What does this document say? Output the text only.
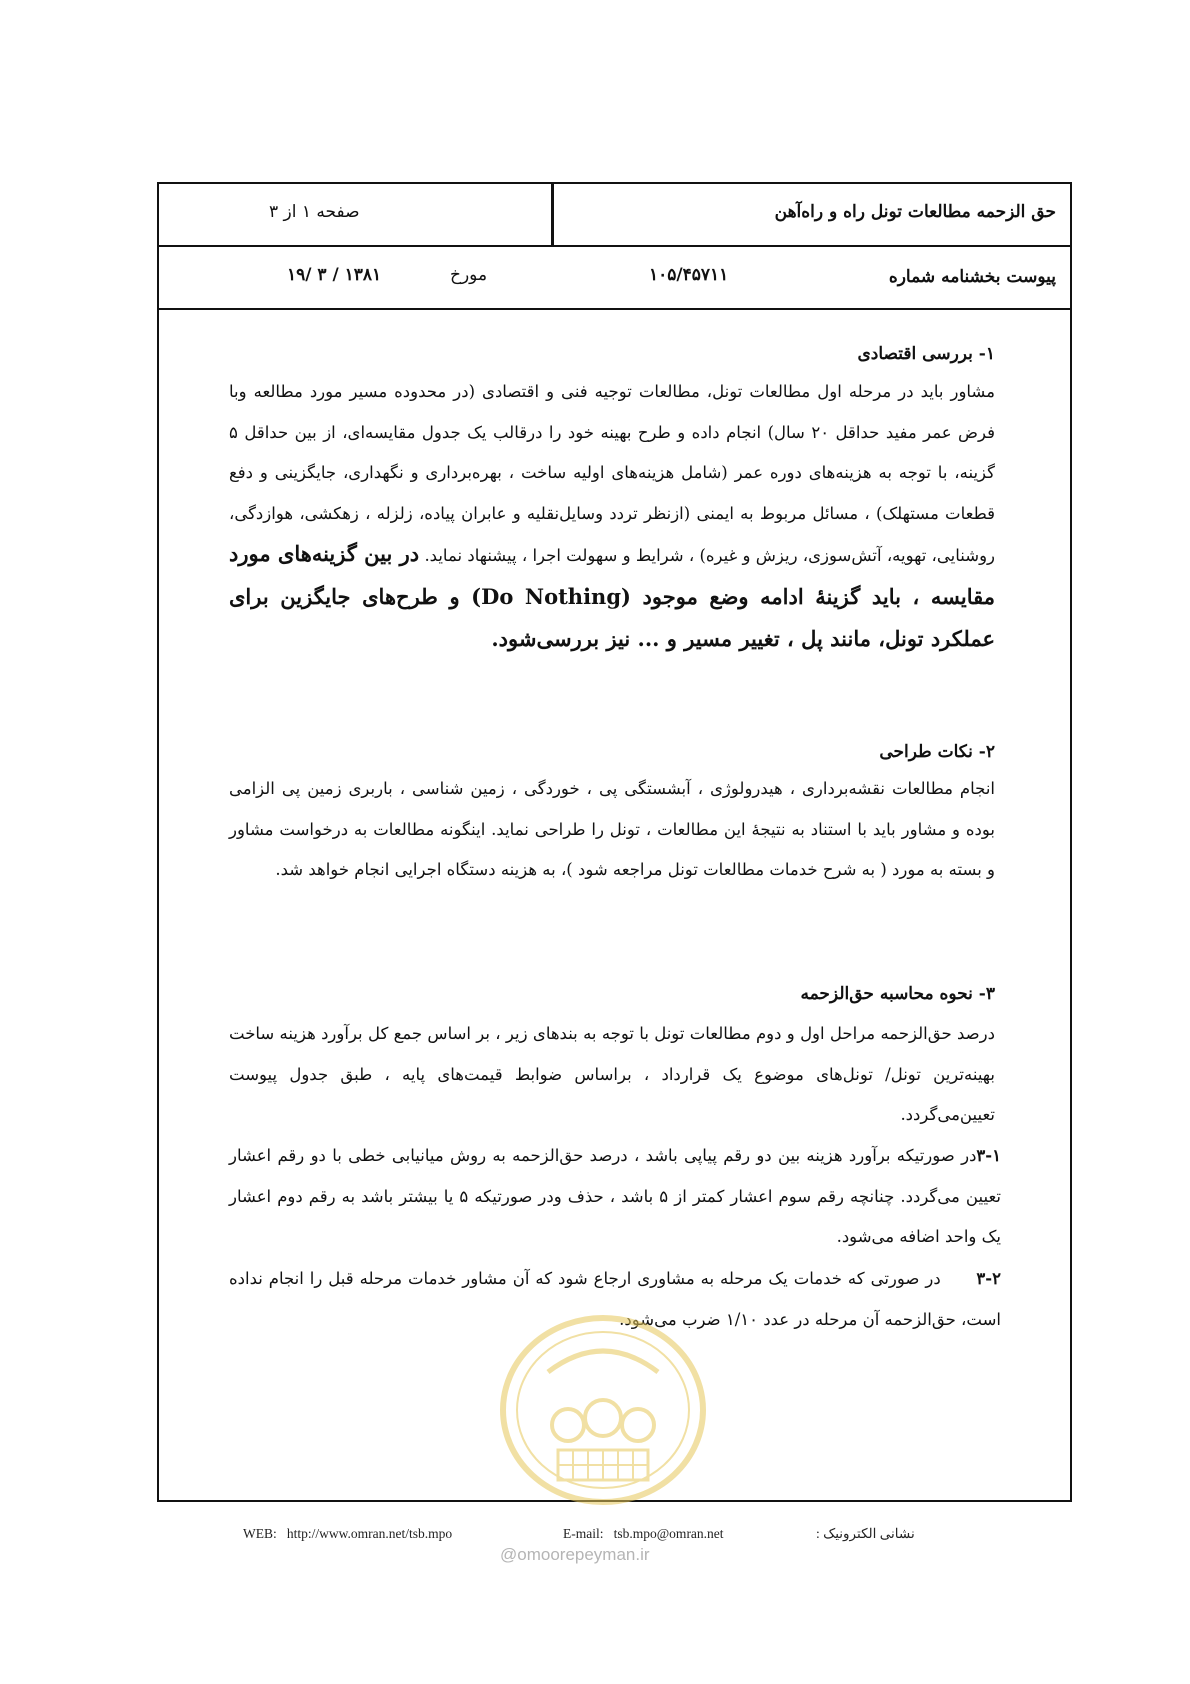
حق الزحمه مطالعات تونل راه و راه‌آهن
صفحه ۱ از ۳
پیوست بخشنامه شماره
۱۰۵/۴۵۷۱۱
مورخ
۱۳۸۱ / ۳ /۱۹
۱- بررسی اقتصادی
مشاور باید در مرحله اول مطالعات تونل، مطالعات توجیه فنی و اقتصادی (در محدوده مسیر مورد مطالعه وبا فرض عمر مفید حداقل ۲۰ سال) انجام داده و طرح بهینه خود را درقالب یک جدول مقایسه‌ای، از بین حداقل ۵ گزینه، با توجه به هزینه‌های دوره عمر (شامل هزینه‌های اولیه ساخت ، بهره‌برداری و نگهداری، جایگزینی و دفع قطعات مستهلک) ، مسائل مربوط به ایمنی (ازنظر تردد وسایل‌نقلیه و عابران پیاده، زلزله ، زهکشی، هوازدگی، روشنایی، تهویه، آتش‌سوزی، ریزش و غیره) ، شرایط و سهولت اجرا ، پیشنهاد نماید. در بین گزینه‌های مورد مقایسه ، باید گزینهٔ ادامه وضع موجود (Do Nothing) و طرح‌های جایگزین برای عملکرد تونل، مانند پل ، تغییر مسیر و ... نیز بررسی‌شود.
۲- نکات طراحی
انجام مطالعات نقشه‌برداری ، هیدرولوژی ، آبشستگی پی ، خوردگی ، زمین شناسی ، باربری زمین پی الزامی بوده و مشاور باید با استناد به نتیجهٔ این مطالعات ، تونل را طراحی نماید. اینگونه مطالعات به درخواست مشاور و بسته به مورد ( به شرح خدمات مطالعات تونل مراجعه شود )، به هزینه دستگاه اجرایی انجام خواهد شد.
۳- نحوه محاسبه حق‌الزحمه
درصد حق‌الزحمه مراحل اول و دوم مطالعات تونل با توجه به بندهای زیر ، بر اساس جمع کل برآورد هزینه ساخت بهینه‌ترین تونل/ تونل‌های موضوع یک قرارداد ، براساس ضوابط قیمت‌های پایه ، طبق جدول پیوست تعیین‌می‌گردد.
۳-۱در صورتیکه برآورد هزینه بین دو رقم پیاپی باشد ، درصد حق‌الزحمه به روش میانیابی خطی با دو رقم اعشار تعیین می‌گردد. چنانچه رقم سوم اعشار کمتر از ۵ باشد ، حذف ودر صورتیکه ۵ یا بیشتر باشد به رقم دوم اعشار یک واحد اضافه می‌شود.
۳-۲      در صورتی که خدمات یک مرحله به مشاوری ارجاع شود که آن مشاور خدمات مرحله قبل را انجام نداده است، حق‌الزحمه آن مرحله در عدد ۱/۱۰ ضرب می‌شود.
WEB: http://www.omran.net/tsb.mpo	E-mail: tsb.mpo@omran.net	نشانی الکترونیک :
@omoorepeyman.ir
